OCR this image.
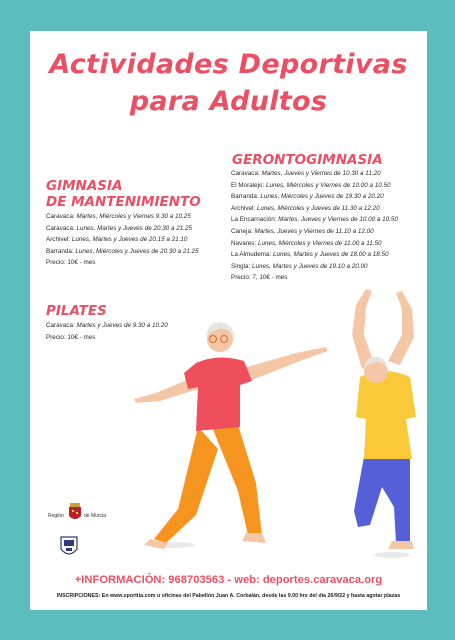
Actividades Deportivas
para Adultos
GERONTOGIMNASIA
Caravaca: Martes, Jueves y Viernes de 10.30 a 11.20
El Moralejo: Lunes, Miércoles y Viernes de 10.00 a 10.50
Barranda: Lunes, Miércoles y Jueves de 19.30 a 20.20
Archivel: Lunes, Miércoles y Jueves de 11.30 a 12.20
La Encarnación: Martes, Jueves y Viernes de 10.00 a 10.50
Caneja: Martes, Jueves y Viernes de 11.10 a 12.00
Navares: Lunes, Miércoles y Viernes de 11.00 a 11.50
La Almudema: Lunes, Martes y Jueves de 18.00 a 18.50
Singla: Lunes, Martes y Jueves de 19.10 a 20.00
Precio: 7, 10€ - mes
GIMNASIA
DE MANTENIMIENTO
Caravaca: Martes, Miércoles y Viernes 9.30 a 10.25
Caravaca: Lunes, Martes y Jueves de 20.30 a 21.25
Archivel: Lunes, Martes y Jueves de 20.15 a 21.10
Barranda: Lunes, Miércoles y Jueves de 20.30 a 21.25
Precio: 10€ - mes
PILATES
Caravaca: Martes y Jueves de 9.30 a 10.20
Precio: 10€ - mes
Región	de Murcia
+INFORMACIÓN: 968703563 - web: deportes.caravaca.org
INSCRIPCIONES: En www.sporttia.com u oficinas del Pabellón Juan A. Corbalán, desde las 9.00 hrs del día 26/9/22 y hasta agotar plazas
